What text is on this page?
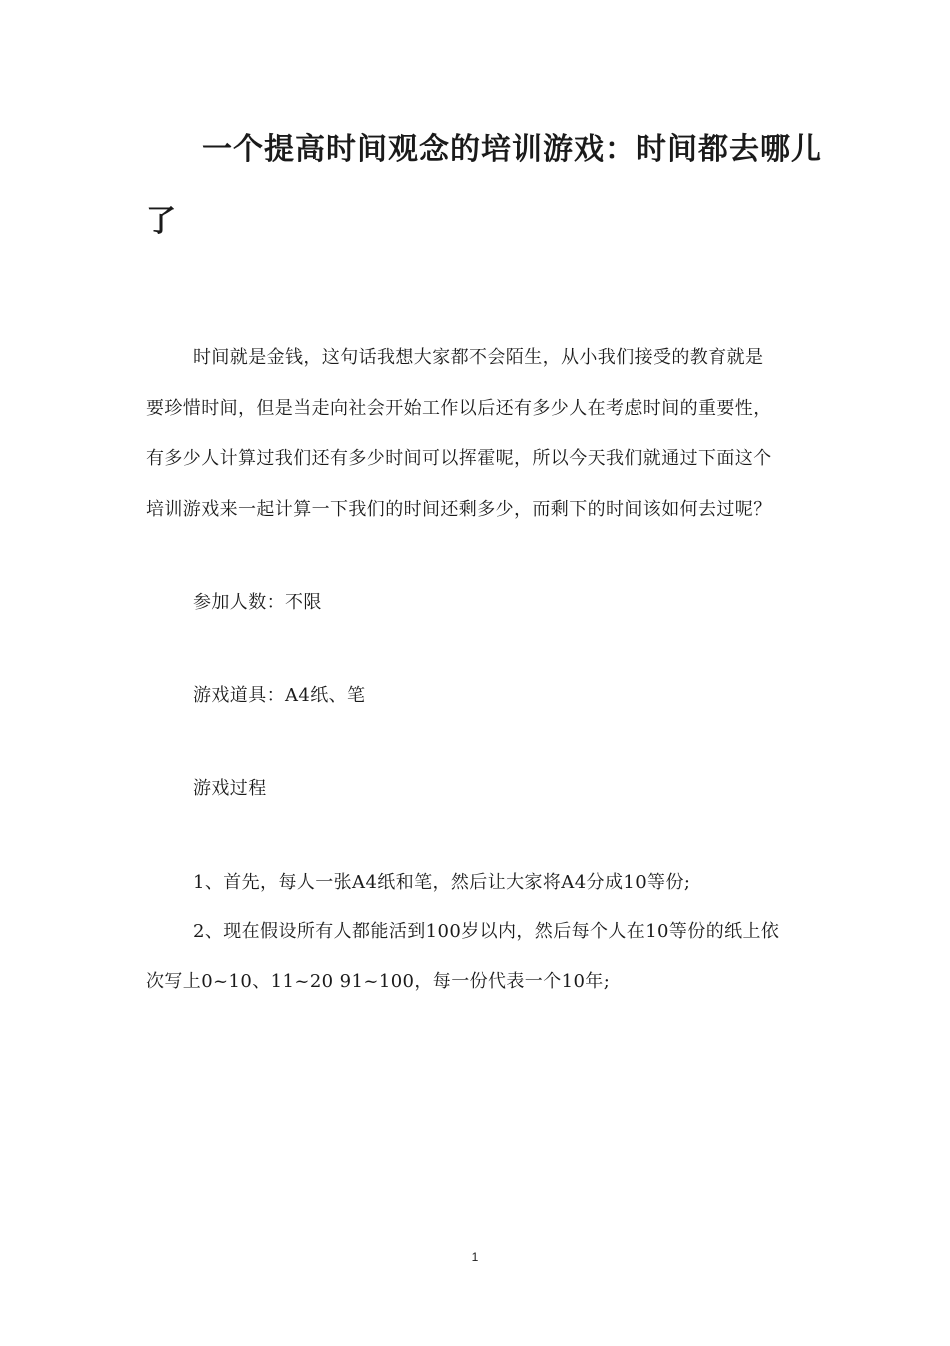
一个提高时间观念的培训游戏：时间都去哪儿
了
时间就是金钱，这句话我想大家都不会陌生，从小我们接受的教育就是
要珍惜时间，但是当走向社会开始工作以后还有多少人在考虑时间的重要性，
有多少人计算过我们还有多少时间可以挥霍呢，所以今天我们就通过下面这个
培训游戏来一起计算一下我们的时间还剩多少，而剩下的时间该如何去过呢？
参加人数：不限
游戏道具：A4纸、笔
游戏过程
1、首先，每人一张A4纸和笔，然后让大家将A4分成10等份;
2、现在假设所有人都能活到100岁以内，然后每个人在10等份的纸上依
次写上0~10、11~20 91~100，每一份代表一个10年;
1
